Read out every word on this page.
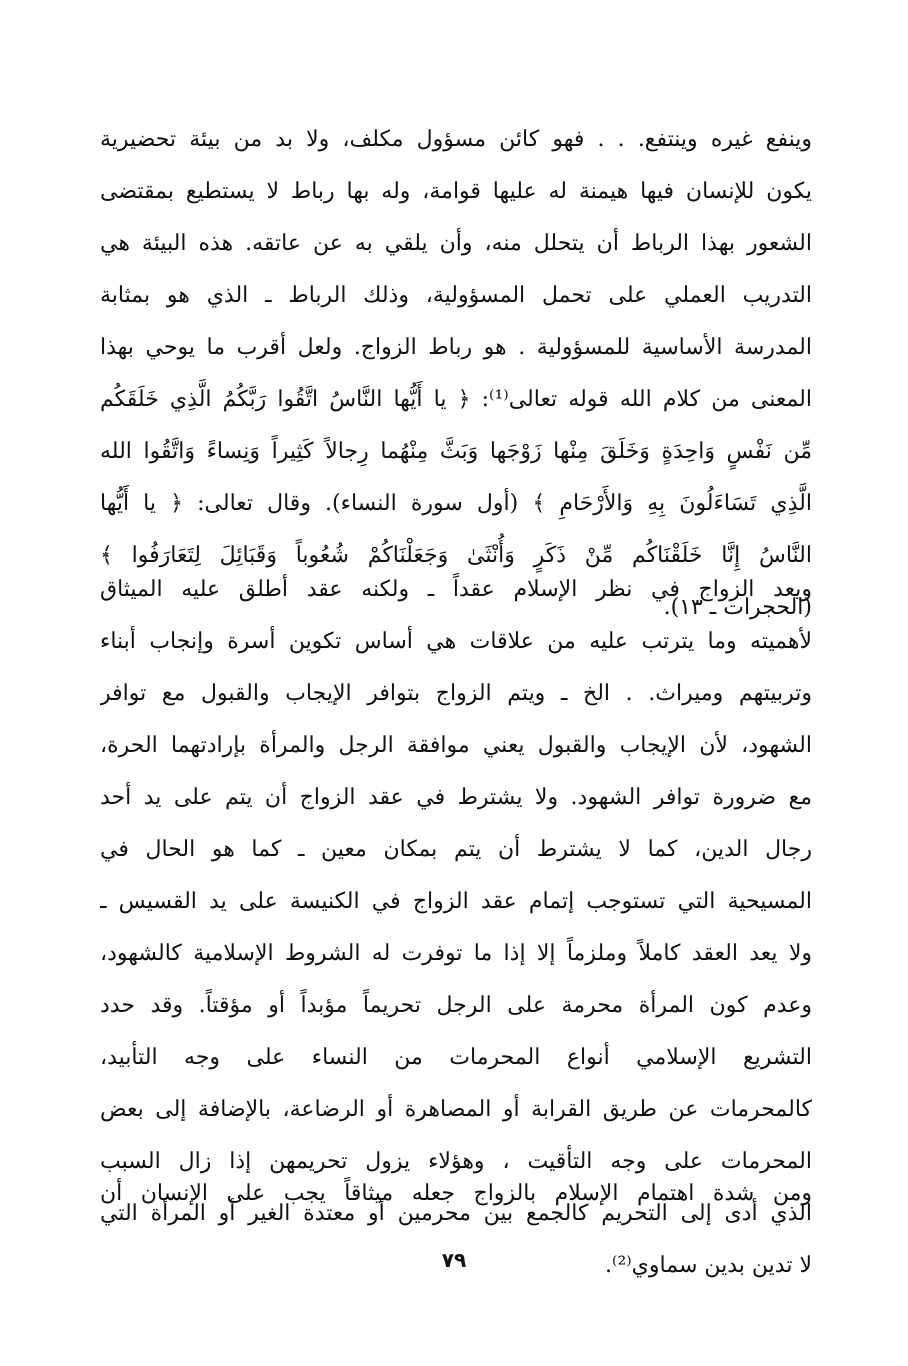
وينفع غيره وينتفع. . . فهو كائن مسؤول مكلف، ولا بد من بيئة تحضيرية
يكون للإنسان فيها هيمنة له عليها قوامة، وله بها رباط لا يستطيع بمقتضى
الشعور بهذا الرباط أن يتحلل منه، وأن يلقي به عن عاتقه. هذه البيئة هي
التدريب العملي على تحمل المسؤولية، وذلك الرباط ـ الذي هو بمثابة
المدرسة الأساسية للمسؤولية . هو رباط الزواج. ولعل أقرب ما يوحي بهذا
المعنى من كلام الله قوله تعالى⁽¹⁾: ﴿ يا أَيُّها النَّاسُ اتَّقُوا رَبَّكُمُ الَّذِي خَلَقَكُم
مِّن نَفْسٍ وَاحِدَةٍ وَخَلَقَ مِنْها زَوْجَها وَبَثَّ مِنْهُما رِجالاً كَثِيراً وَنِساءً وَاتَّقُوا الله
الَّذِي تَسَاءَلُونَ بِهِ وَالأَرْحَامِ ﴾ (أول سورة النساء). وقال تعالى: ﴿ يا أَيُّها
النَّاسُ إِنَّا خَلَقْنَاكُم مِّنْ ذَكَرٍ وَأُنْثَىٰ وَجَعَلْنَاكُمْ شُعُوباً وَقَبَائِلَ لِتَعَارَفُوا ﴾
(الحجرات ـ ١٣).
ويعد الزواج في نظر الإسلام عقداً ـ ولكنه عقد أطلق عليه الميثاق
لأهميته وما يترتب عليه من علاقات هي أساس تكوين أسرة وإنجاب أبناء
وتربيتهم وميراث. . الخ ـ ويتم الزواج بتوافر الإيجاب والقبول مع توافر
الشهود، لأن الإيجاب والقبول يعني موافقة الرجل والمرأة بإرادتهما الحرة،
مع ضرورة توافر الشهود. ولا يشترط في عقد الزواج أن يتم على يد أحد
رجال الدين، كما لا يشترط أن يتم بمكان معين ـ كما هو الحال في
المسيحية التي تستوجب إتمام عقد الزواج في الكنيسة على يد القسيس ـ
ولا يعد العقد كاملاً وملزماً إلا إذا ما توفرت له الشروط الإسلامية كالشهود،
وعدم كون المرأة محرمة على الرجل تحريماً مؤبداً أو مؤقتاً. وقد حدد
التشريع الإسلامي أنواع المحرمات من النساء على وجه التأبيد،
كالمحرمات عن طريق القرابة أو المصاهرة أو الرضاعة، بالإضافة إلى بعض
المحرمات على وجه التأقيت ، وهؤلاء يزول تحريمهن إذا زال السبب
الذي أدى إلى التحريم كالجمع بين محرمين أو معتدة الغير أو المرأة التي
لا تدين بدين سماوي⁽²⁾.
ومن شدة اهتمام الإسلام بالزواج جعله ميثاقاً يجب على الإنسان أن
٧٩
